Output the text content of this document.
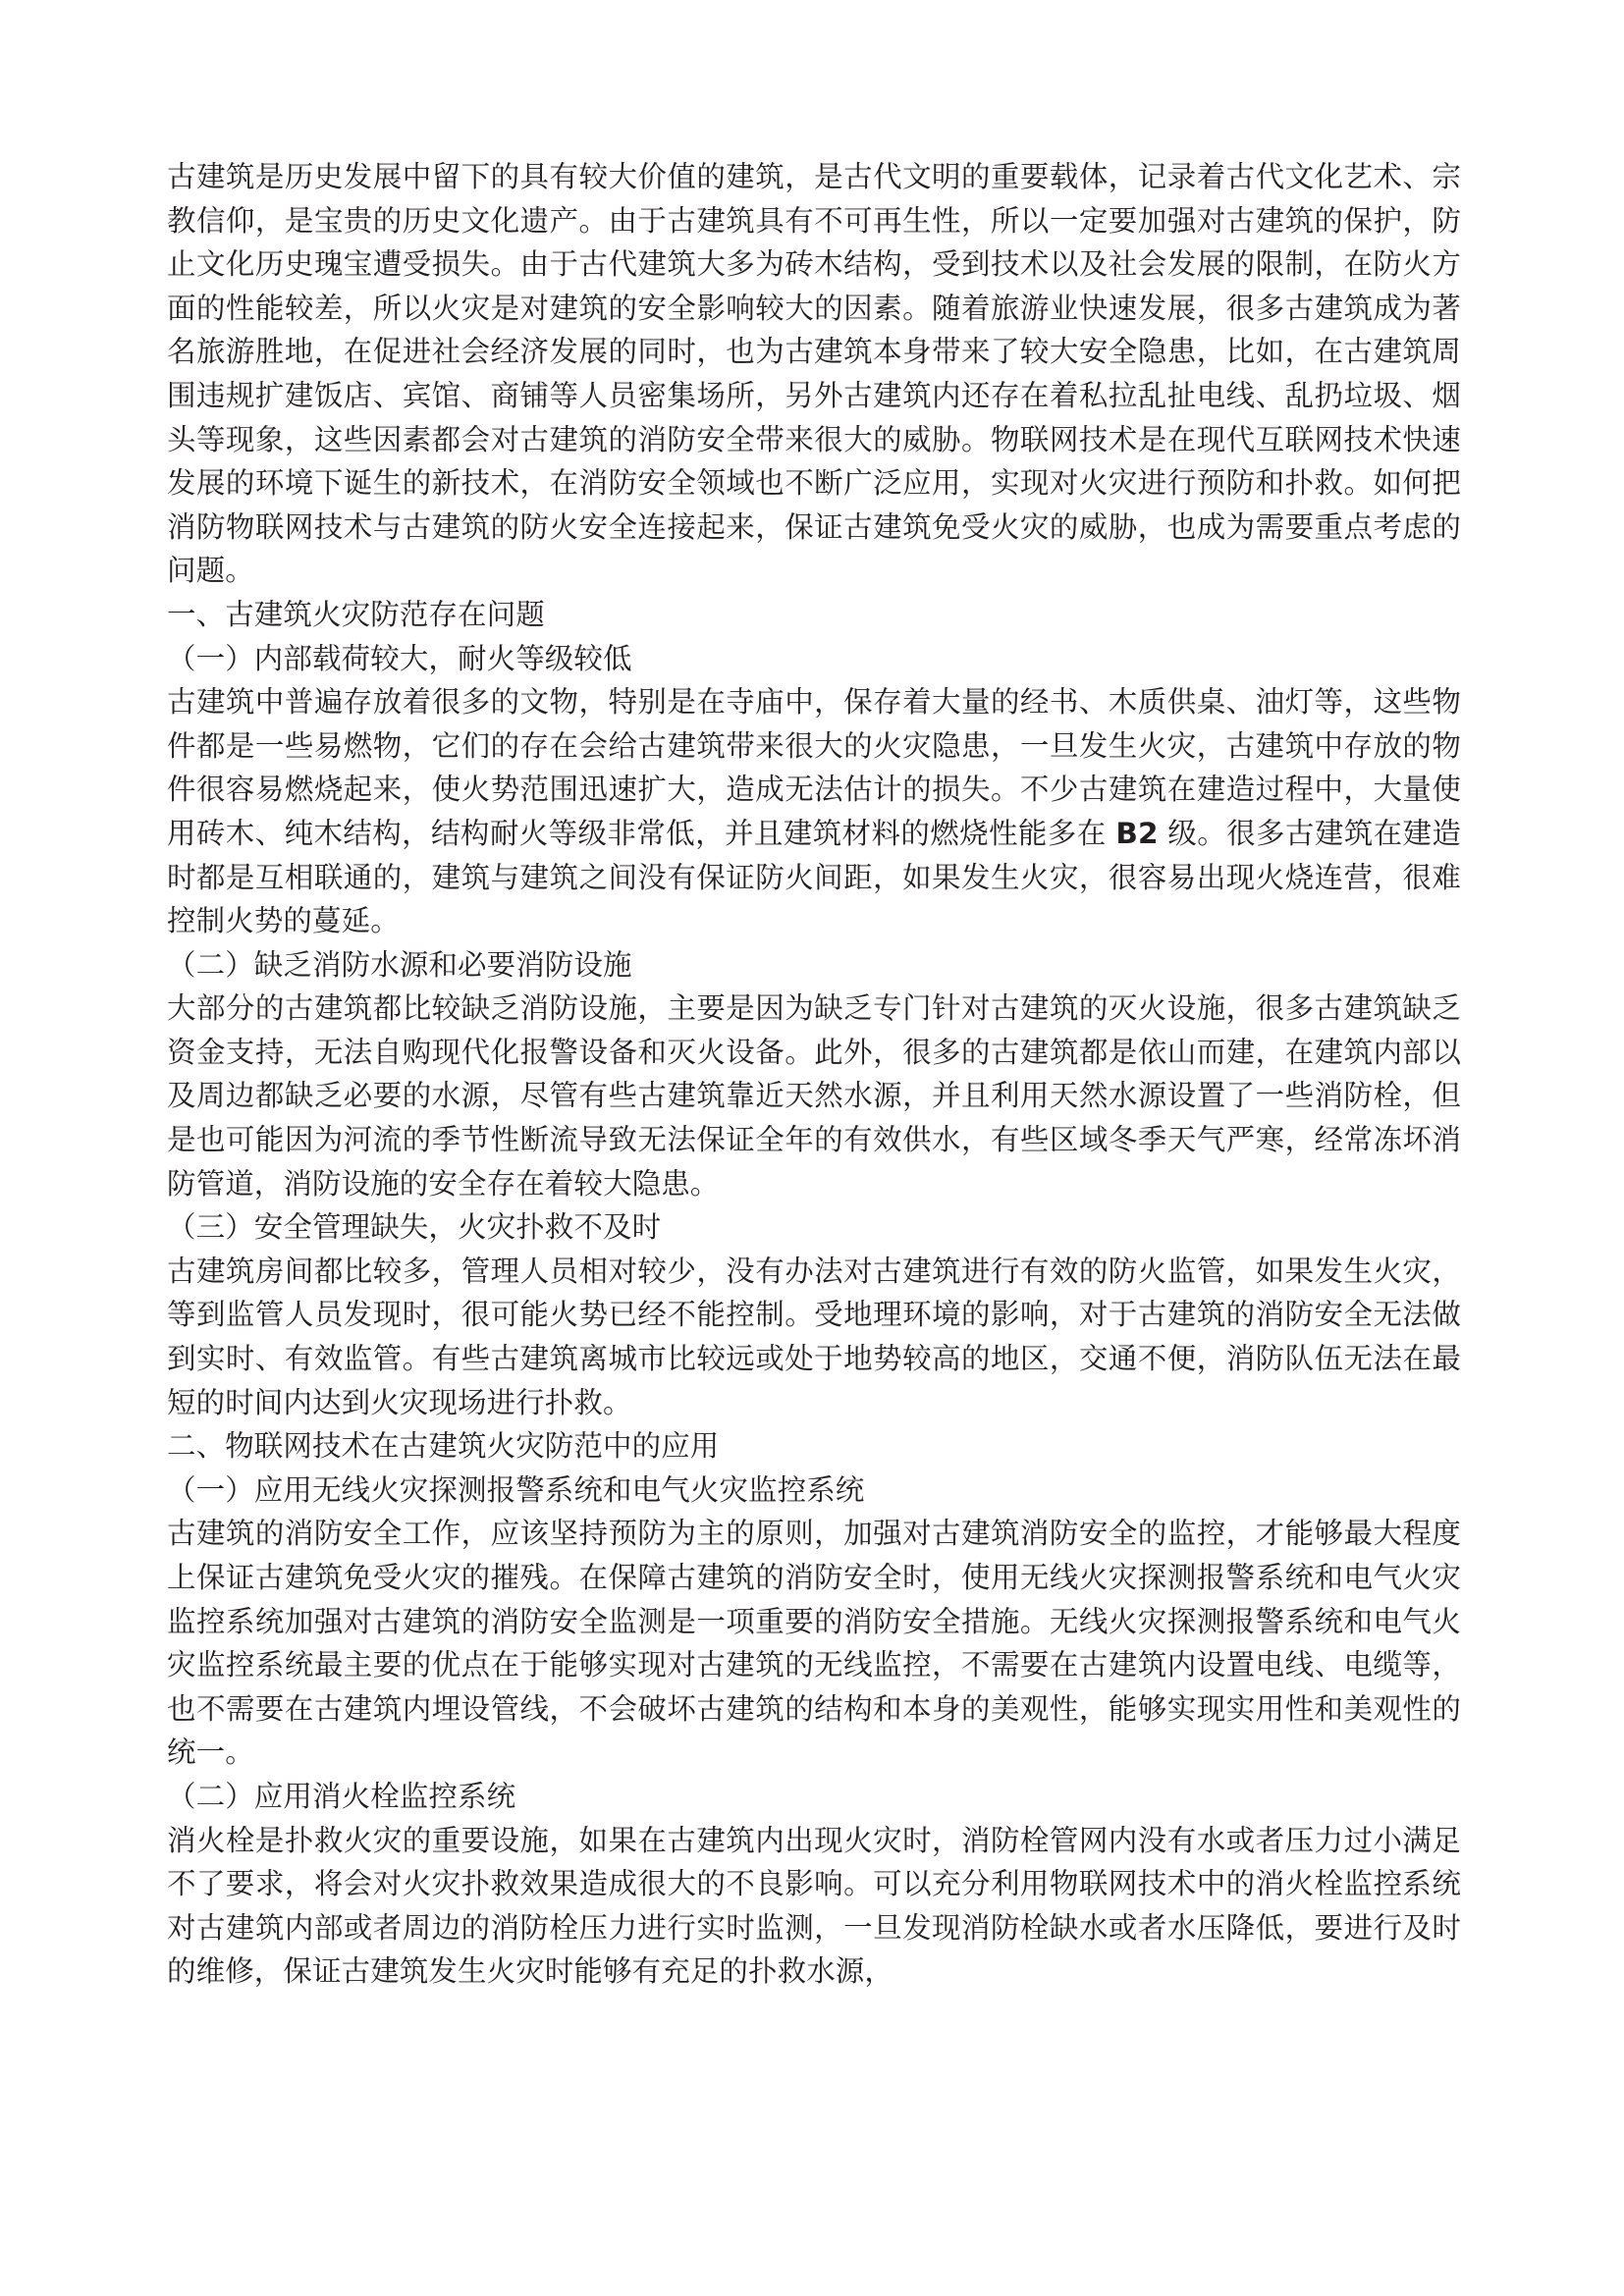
古建筑是历史发展中留下的具有较大价值的建筑，是古代文明的重要载体，记录着古代文化艺术、宗教信仰，是宝贵的历史文化遗产。由于古建筑具有不可再生性，所以一定要加强对古建筑的保护，防止文化历史瑰宝遭受损失。由于古代建筑大多为砖木结构，受到技术以及社会发展的限制，在防火方面的性能较差，所以火灾是对建筑的安全影响较大的因素。随着旅游业快速发展，很多古建筑成为著名旅游胜地，在促进社会经济发展的同时，也为古建筑本身带来了较大安全隐患，比如，在古建筑周围违规扩建饭店、宾馆、商铺等人员密集场所，另外古建筑内还存在着私拉乱扯电线、乱扔垃圾、烟头等现象，这些因素都会对古建筑的消防安全带来很大的威胁。物联网技术是在现代互联网技术快速发展的环境下诞生的新技术，在消防安全领域也不断广泛应用，实现对火灾进行预防和扑救。如何把消防物联网技术与古建筑的防火安全连接起来，保证古建筑免受火灾的威胁，也成为需要重点考虑的问题。

一、古建筑火灾防范存在问题

（一）内部载荷较大，耐火等级较低

古建筑中普遍存放着很多的文物，特别是在寺庙中，保存着大量的经书、木质供桌、油灯等，这些物件都是一些易燃物，它们的存在会给古建筑带来很大的火灾隐患，一旦发生火灾，古建筑中存放的物件很容易燃烧起来，使火势范围迅速扩大，造成无法估计的损失。不少古建筑在建造过程中，大量使用砖木、纯木结构，结构耐火等级非常低，并且建筑材料的燃烧性能多在 B2 级。很多古建筑在建造时都是互相联通的，建筑与建筑之间没有保证防火间距，如果发生火灾，很容易出现火烧连营，很难控制火势的蔓延。

（二）缺乏消防水源和必要消防设施

大部分的古建筑都比较缺乏消防设施，主要是因为缺乏专门针对古建筑的灭火设施，很多古建筑缺乏资金支持，无法自购现代化报警设备和灭火设备。此外，很多的古建筑都是依山而建，在建筑内部以及周边都缺乏必要的水源，尽管有些古建筑靠近天然水源，并且利用天然水源设置了一些消防栓，但是也可能因为河流的季节性断流导致无法保证全年的有效供水，有些区域冬季天气严寒，经常冻坏消防管道，消防设施的安全存在着较大隐患。

（三）安全管理缺失，火灾扑救不及时

古建筑房间都比较多，管理人员相对较少，没有办法对古建筑进行有效的防火监管，如果发生火灾，等到监管人员发现时，很可能火势已经不能控制。受地理环境的影响，对于古建筑的消防安全无法做到实时、有效监管。有些古建筑离城市比较远或处于地势较高的地区，交通不便，消防队伍无法在最短的时间内达到火灾现场进行扑救。

二、物联网技术在古建筑火灾防范中的应用

（一）应用无线火灾探测报警系统和电气火灾监控系统

古建筑的消防安全工作，应该坚持预防为主的原则，加强对古建筑消防安全的监控，才能够最大程度上保证古建筑免受火灾的摧残。在保障古建筑的消防安全时，使用无线火灾探测报警系统和电气火灾监控系统加强对古建筑的消防安全监测是一项重要的消防安全措施。无线火灾探测报警系统和电气火灾监控系统最主要的优点在于能够实现对古建筑的无线监控，不需要在古建筑内设置电线、电缆等，也不需要在古建筑内埋设管线，不会破坏古建筑的结构和本身的美观性，能够实现实用性和美观性的统一。

（二）应用消火栓监控系统

消火栓是扑救火灾的重要设施，如果在古建筑内出现火灾时，消防栓管网内没有水或者压力过小满足不了要求，将会对火灾扑救效果造成很大的不良影响。可以充分利用物联网技术中的消火栓监控系统对古建筑内部或者周边的消防栓压力进行实时监测，一旦发现消防栓缺水或者水压降低，要进行及时的维修，保证古建筑发生火灾时能够有充足的扑救水源，
